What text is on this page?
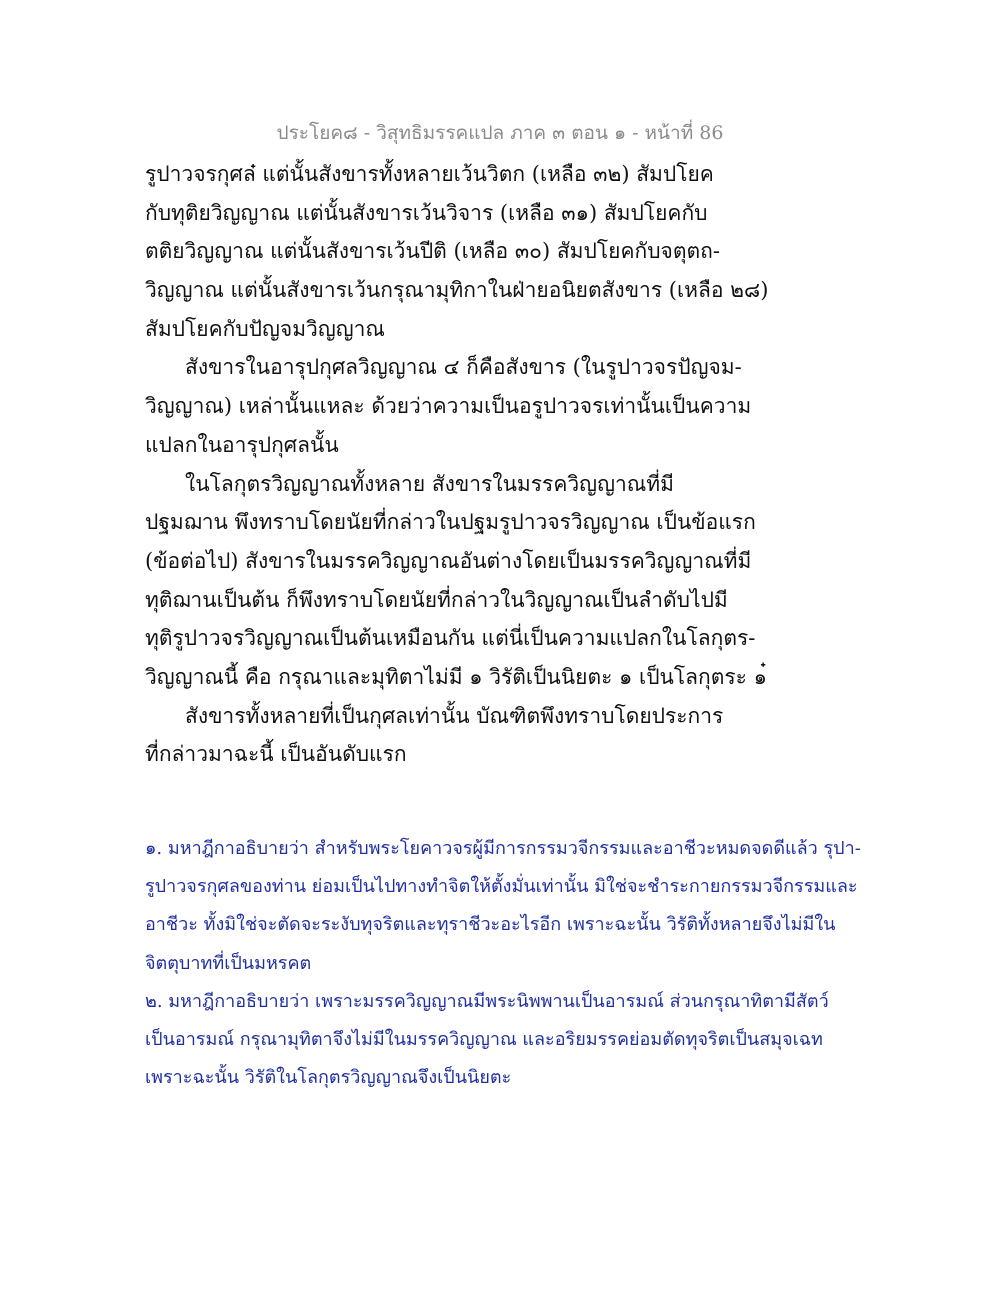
ประโยค๘ - วิสุทธิมรรคแปล ภาค ๓ ตอน ๑ - หน้าที่ 86
รูปาวจรกุศล๋ แต่นั้นสังขารทั้งหลายเว้นวิตก (เหลือ ๓๒) สัมปโยค
กับทุติยวิญญาณ แต่นั้นสังขารเว้นวิจาร (เหลือ ๓๑) สัมปโยคกับ
ตติยวิญญาณ แต่นั้นสังขารเว้นปีติ (เหลือ ๓๐) สัมปโยคกับจตุตถ-
วิญญาณ แต่นั้นสังขารเว้นกรุณามุทิกาในฝ่ายอนิยตสังขาร (เหลือ ๒๘)
สัมปโยคกับปัญจมวิญญาณ
สังขารในอารุปกุศลวิญญาณ ๔ ก็คือสังขาร (ในรูปาวจรปัญจม-
วิญญาณ) เหล่านั้นแหละ ด้วยว่าความเป็นอรูปาวจรเท่านั้นเป็นความ
แปลกในอารุปกุศลนั้น
ในโลกุตรวิญญาณทั้งหลาย สังขารในมรรควิญญาณที่มี
ปฐมฌาน พึงทราบโดยนัยที่กล่าวในปฐมรูปาวจรวิญญาณ เป็นข้อแรก
(ข้อต่อไป) สังขารในมรรควิญญาณอันต่างโดยเป็นมรรควิญญาณที่มี
ทุติฌานเป็นต้น ก็พึงทราบโดยนัยที่กล่าวในวิญญาณเป็นลำดับไปมี
ทุติรูปาวจรวิญญาณเป็นต้นเหมือนกัน แต่นี่เป็นความแปลกในโลกุตร-
วิญญาณนี้ คือ กรุณาและมุทิตาไม่มี ๑ วิรัติเป็นนิยตะ ๑ เป็นโลกุตระ ๑๋
สังขารทั้งหลายที่เป็นกุศลเท่านั้น บัณฑิตพึงทราบโดยประการ
ที่กล่าวมาฉะนี้ เป็นอันดับแรก
๑. มหาฎีกาอธิบายว่า สำหรับพระโยคาวจรผู้มีการกรรมวจีกรรมและอาชีวะหมดจดดีแล้ว รุปา-
รูปาวจรกุศลของท่าน ย่อมเป็นไปทางทำจิตให้ตั้งมั่นเท่านั้น มิใช่จะชำระกายกรรมวจีกรรมและ
อาชีวะ ทั้งมิใช่จะตัดจะระงับทุจริตและทุราชีวะอะไรอีก เพราะฉะนั้น วิรัติทั้งหลายจึงไม่มีใน
จิตตุบาทที่เป็นมหรคต
๒. มหาฎีกาอธิบายว่า เพราะมรรควิญญาณมีพระนิพพานเป็นอารมณ์ ส่วนกรุณาทิตามีสัตว์
เป็นอารมณ์ กรุณามุทิตาจึงไม่มีในมรรควิญญาณ และอริยมรรคย่อมตัดทุจริตเป็นสมุจเฉท
เพราะฉะนั้น วิรัติในโลกุตรวิญญาณจึงเป็นนิยตะ
